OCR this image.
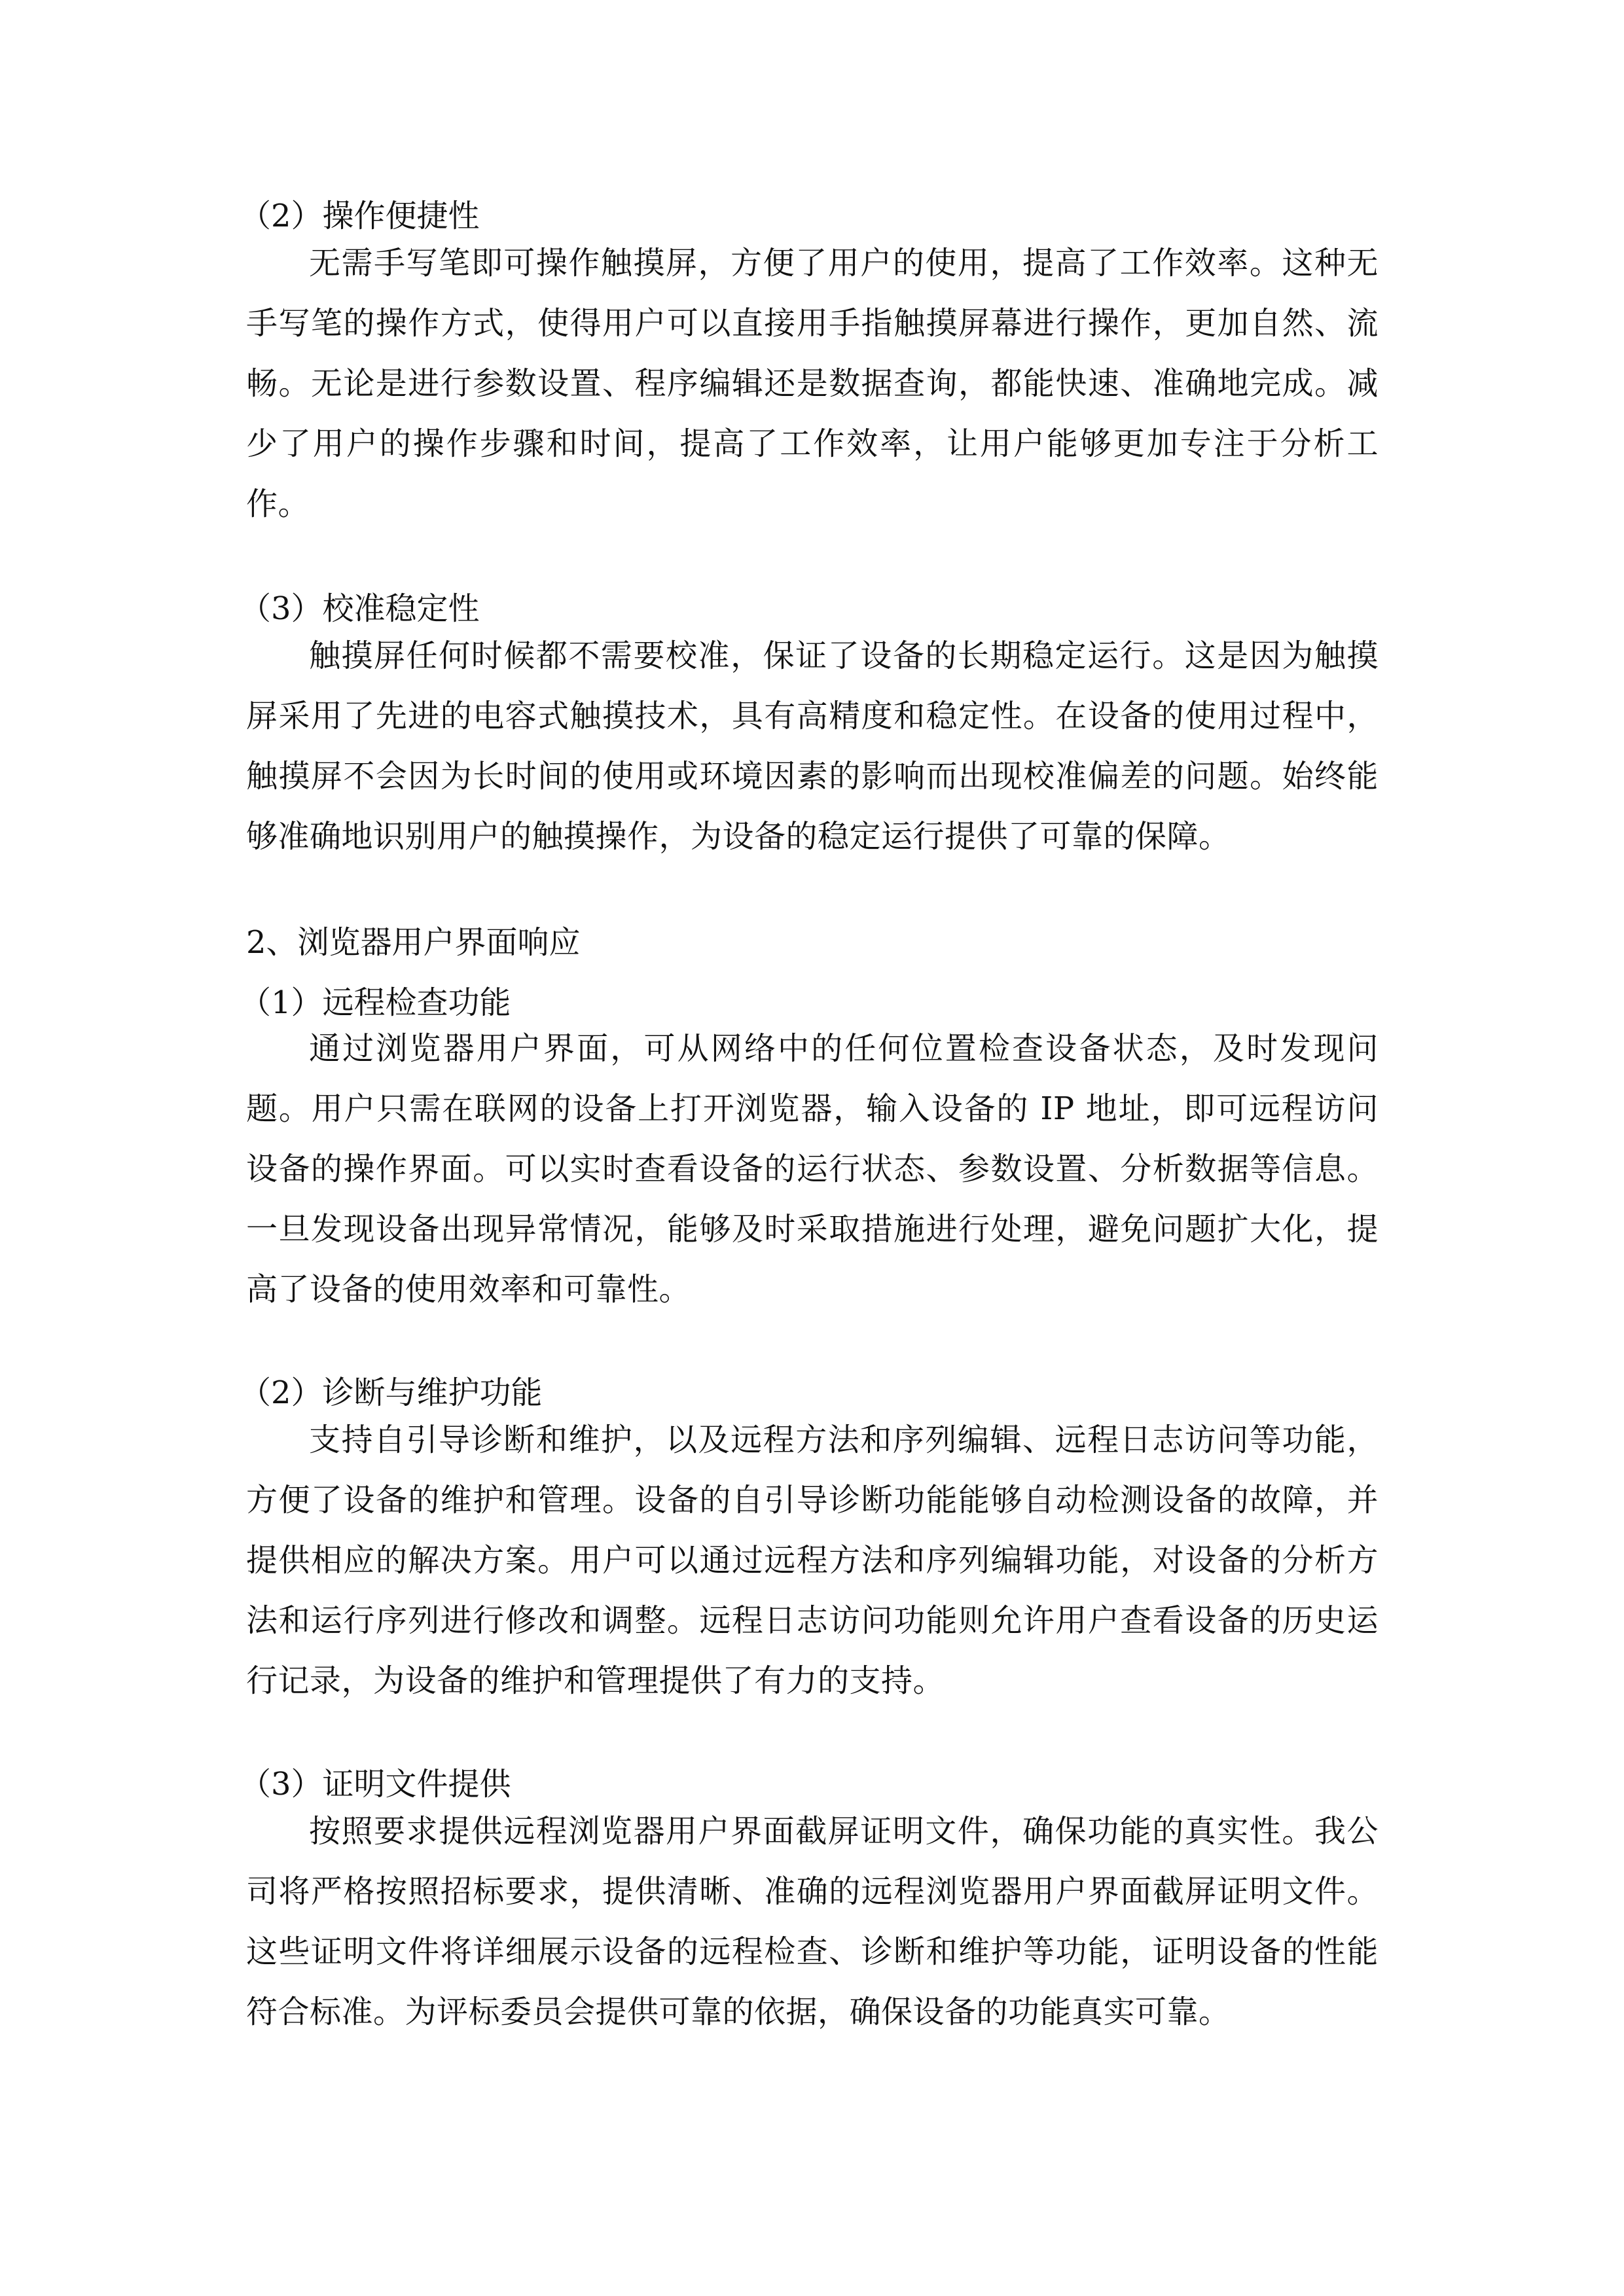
（2）操作便捷性

无需手写笔即可操作触摸屏，方便了用户的使用，提高了工作效率。这种无手写笔的操作方式，使得用户可以直接用手指触摸屏幕进行操作，更加自然、流畅。无论是进行参数设置、程序编辑还是数据查询，都能快速、准确地完成。减少了用户的操作步骤和时间，提高了工作效率，让用户能够更加专注于分析工作。

（3）校准稳定性

触摸屏任何时候都不需要校准，保证了设备的长期稳定运行。这是因为触摸屏采用了先进的电容式触摸技术，具有高精度和稳定性。在设备的使用过程中，触摸屏不会因为长时间的使用或环境因素的影响而出现校准偏差的问题。始终能够准确地识别用户的触摸操作，为设备的稳定运行提供了可靠的保障。

2、浏览器用户界面响应
（1）远程检查功能

通过浏览器用户界面，可从网络中的任何位置检查设备状态，及时发现问题。用户只需在联网的设备上打开浏览器，输入设备的 IP 地址，即可远程访问设备的操作界面。可以实时查看设备的运行状态、参数设置、分析数据等信息。一旦发现设备出现异常情况，能够及时采取措施进行处理，避免问题扩大化，提高了设备的使用效率和可靠性。

（2）诊断与维护功能

支持自引导诊断和维护，以及远程方法和序列编辑、远程日志访问等功能，方便了设备的维护和管理。设备的自引导诊断功能能够自动检测设备的故障，并提供相应的解决方案。用户可以通过远程方法和序列编辑功能，对设备的分析方法和运行序列进行修改和调整。远程日志访问功能则允许用户查看设备的历史运行记录，为设备的维护和管理提供了有力的支持。

（3）证明文件提供

按照要求提供远程浏览器用户界面截屏证明文件，确保功能的真实性。我公司将严格按照招标要求，提供清晰、准确的远程浏览器用户界面截屏证明文件。这些证明文件将详细展示设备的远程检查、诊断和维护等功能，证明设备的性能符合标准。为评标委员会提供可靠的依据，确保设备的功能真实可靠。
